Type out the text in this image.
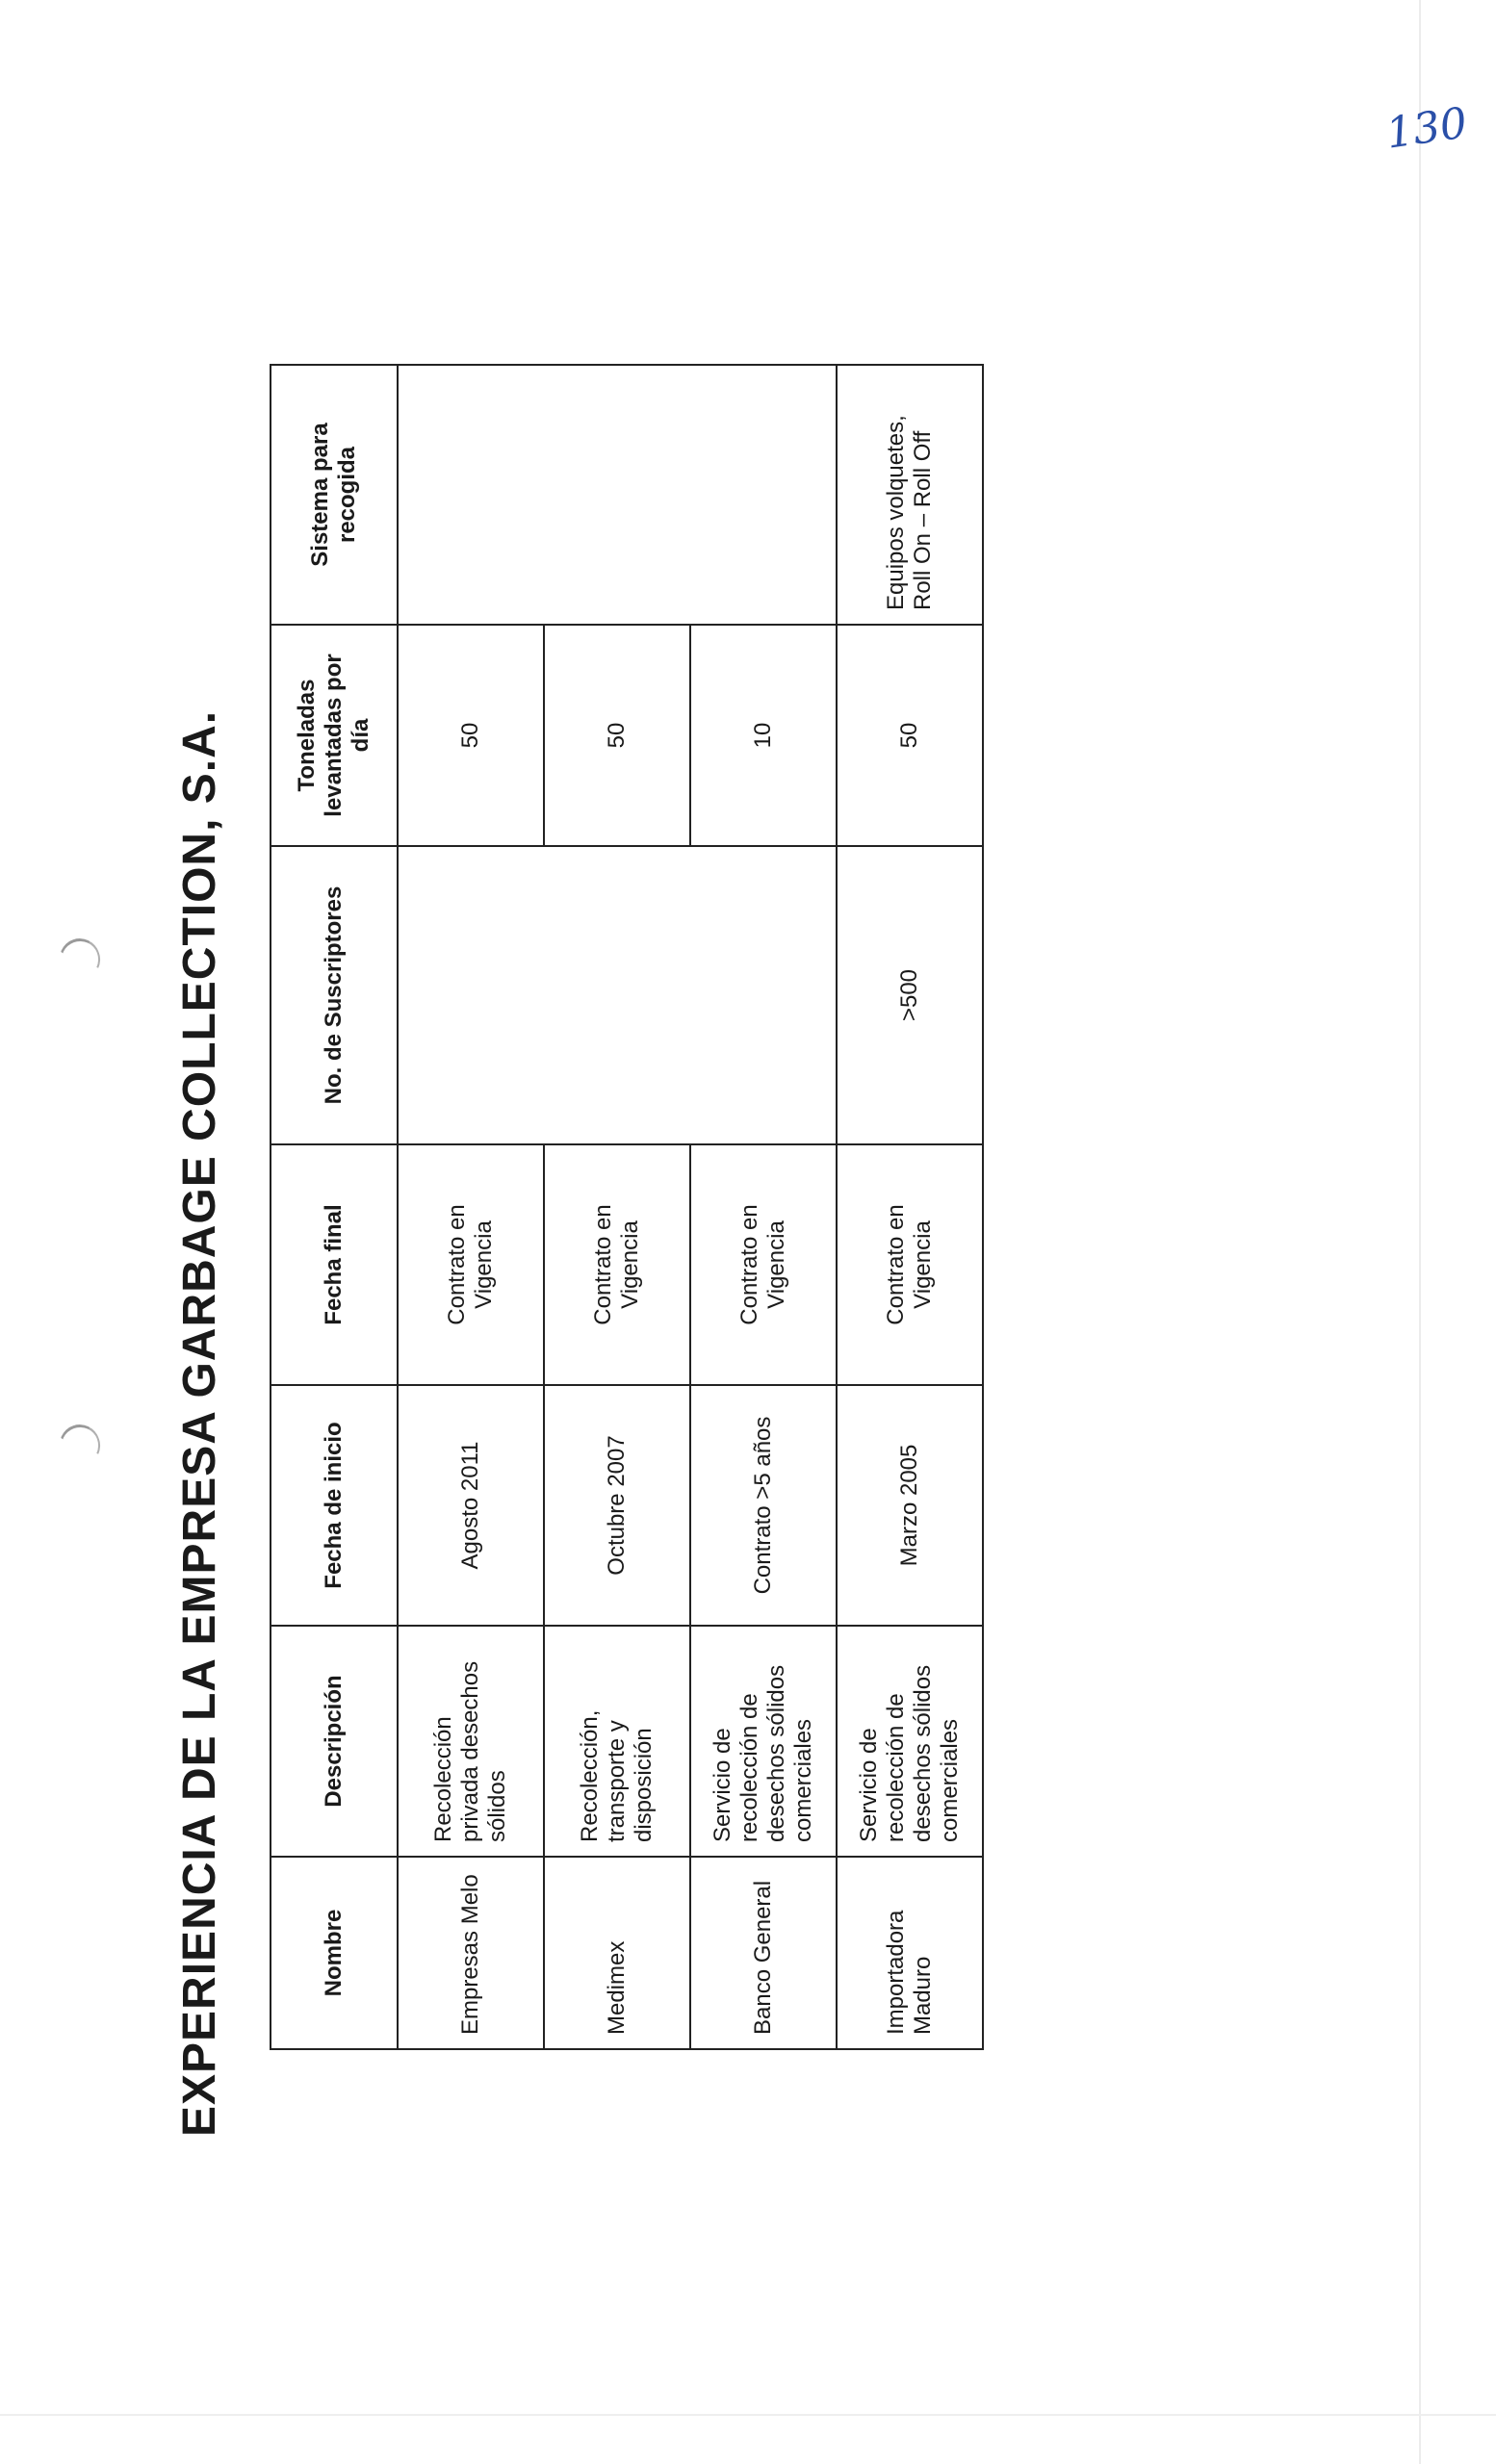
130
EXPERIENCIA DE LA EMPRESA GARBAGE COLLECTION, S.A.	Nombre	Descripción	Fecha de inicio	Fecha final	No. de Suscriptores	Toneladas levantadas por día	Sistema para recogida
Empresas Melo	Recolección privada desechos sólidos	Agosto 2011	Contrato en Vigencia		50	
Medimex	Recolección, transporte y disposición	Octubre 2007	Contrato en Vigencia		50	
Banco General	Servicio de recolección de desechos sólidos comerciales	Contrato >5 años	Contrato en Vigencia		10	
Importadora Maduro	Servicio de recolección de desechos sólidos comerciales	Marzo 2005	Contrato en Vigencia	>500	50	Equipos volquetes, Roll On – Roll Off
